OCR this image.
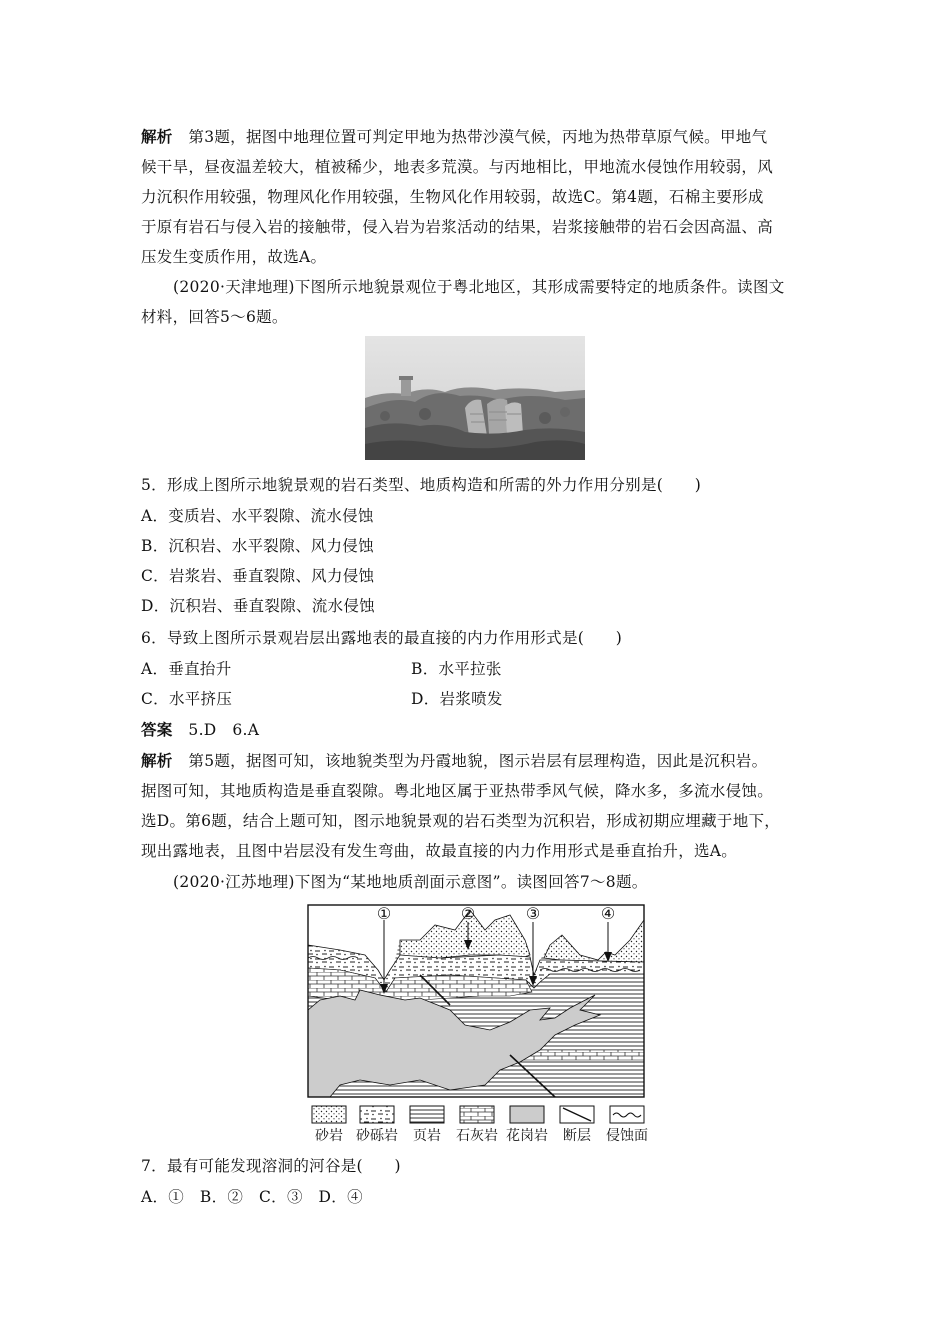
解析　 第3题，据图中地理位置可判定甲地为热带沙漠气候，丙地为热带草原气候。甲地气
候干旱，昼夜温差较大，植被稀少，地表多荒漠。与丙地相比，甲地流水侵蚀作用较弱，风
力沉积作用较强，物理风化作用较强，生物风化作用较弱，故选C。第4题，石棉主要形成
于原有岩石与侵入岩的接触带，侵入岩为岩浆活动的结果，岩浆接触带的岩石会因高温、高
压发生变质作用，故选A。
(2020·天津地理)下图所示地貌景观位于粤北地区，其形成需要特定的地质条件。读图文
材料，回答5～6题。
5．形成上图所示地貌景观的岩石类型、地质构造和所需的外力作用分别是(　　)
A．变质岩、水平裂隙、流水侵蚀
B．沉积岩、水平裂隙、风力侵蚀
C．岩浆岩、垂直裂隙、风力侵蚀
D．沉积岩、垂直裂隙、流水侵蚀
6．导致上图所示景观岩层出露地表的最直接的内力作用形式是(　　)
A．垂直抬升	B．水平拉张
C．水平挤压	D．岩浆喷发
答案　 5.D　6.A
解析　 第5题，据图可知，该地貌类型为丹霞地貌，图示岩层有层理构造，因此是沉积岩。
据图可知，其地质构造是垂直裂隙。粤北地区属于亚热带季风气候，降水多，多流水侵蚀。
选D。第6题，结合上题可知，图示地貌景观的岩石类型为沉积岩，形成初期应埋藏于地下，
现出露地表，且图中岩层没有发生弯曲，故最直接的内力作用形式是垂直抬升，选A。
(2020·江苏地理)下图为“某地地质剖面示意图”。读图回答7～8题。
①	②	③	④
砂岩 砂砾岩 页岩 石灰岩 花岗岩 断层 侵蚀面
7．最有可能发现溶洞的河谷是(　　)
A．①　B．②　C．③　D．④
